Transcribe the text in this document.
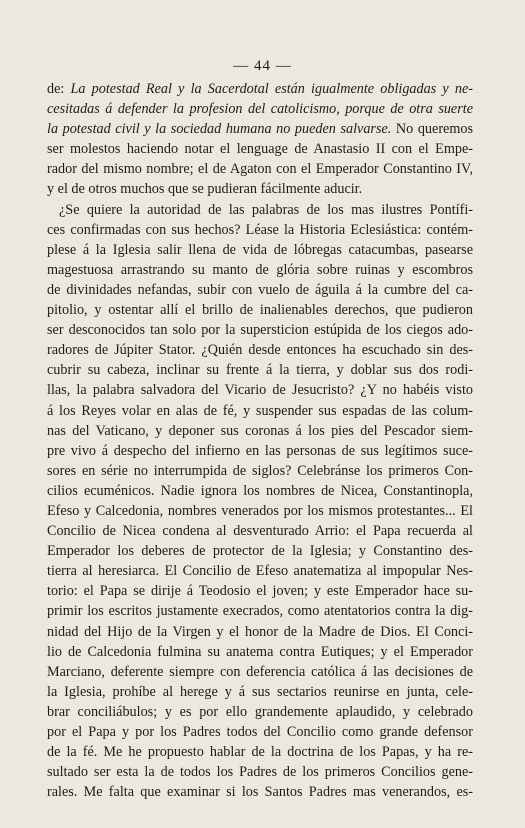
— 44 —
de: La potestad Real y la Sacerdotal están igualmente obligadas y ne-
cesitadas á defender la profesion del catolicismo, porque de otra suerte
la potestad civil y la sociedad humana no pueden salvarse. No queremos
ser molestos haciendo notar el lenguage de Anastasio II con el Empe-
rador del mismo nombre; el de Agaton con el Emperador Constantino IV,
y el de otros muchos que se pudieran fácilmente aducir.
¿Se quiere la autoridad de las palabras de los mas ilustres Pontífi-
ces confirmadas con sus hechos? Léase la Historia Eclesiástica: contém-
plese á la Iglesia salir llena de vida de lóbregas catacumbas, pasearse
magestuosa arrastrando su manto de glória sobre ruinas y escombros
de divinidades nefandas, subir con vuelo de águila á la cumbre del ca-
pitolio, y ostentar allí el brillo de inalienables derechos, que pudieron
ser desconocidos tan solo por la supersticion estúpida de los ciegos ado-
radores de Júpiter Stator. ¿Quién desde entonces ha escuchado sin des-
cubrir su cabeza, inclinar su frente á la tierra, y doblar sus dos rodi-
llas, la palabra salvadora del Vicario de Jesucristo? ¿Y no habéis visto
á los Reyes volar en alas de fé, y suspender sus espadas de las colum-
nas del Vaticano, y deponer sus coronas á los pies del Pescador siem-
pre vivo á despecho del infierno en las personas de sus legítimos suce-
sores en série no interrumpida de siglos? Celebránse los primeros Con-
cilios ecuménicos. Nadie ignora los nombres de Nicea, Constantinopla,
Efeso y Calcedonia, nombres venerados por los mismos protestantes... El
Concilio de Nicea condena al desventurado Arrio: el Papa recuerda al
Emperador los deberes de protector de la Iglesia; y Constantino des-
tierra al heresiarca. El Concilio de Efeso anatematiza al impopular Nes-
torio: el Papa se dirije á Teodosio el joven; y este Emperador hace su-
primir los escritos justamente execrados, como atentatorios contra la dig-
nidad del Hijo de la Virgen y el honor de la Madre de Dios. El Conci-
lio de Calcedonia fulmina su anatema contra Eutiques; y el Emperador
Marciano, deferente siempre con deferencia católica á las decisiones de
la Iglesia, prohíbe al herege y á sus sectarios reunirse en junta, cele-
brar conciliábulos; y es por ello grandemente aplaudido, y celebrado
por el Papa y por los Padres todos del Concilio como grande defensor
de la fé. Me he propuesto hablar de la doctrina de los Papas, y ha re-
sultado ser esta la de todos los Padres de los primeros Concilios gene-
rales. Me falta que examinar si los Santos Padres mas venerandos, es-
